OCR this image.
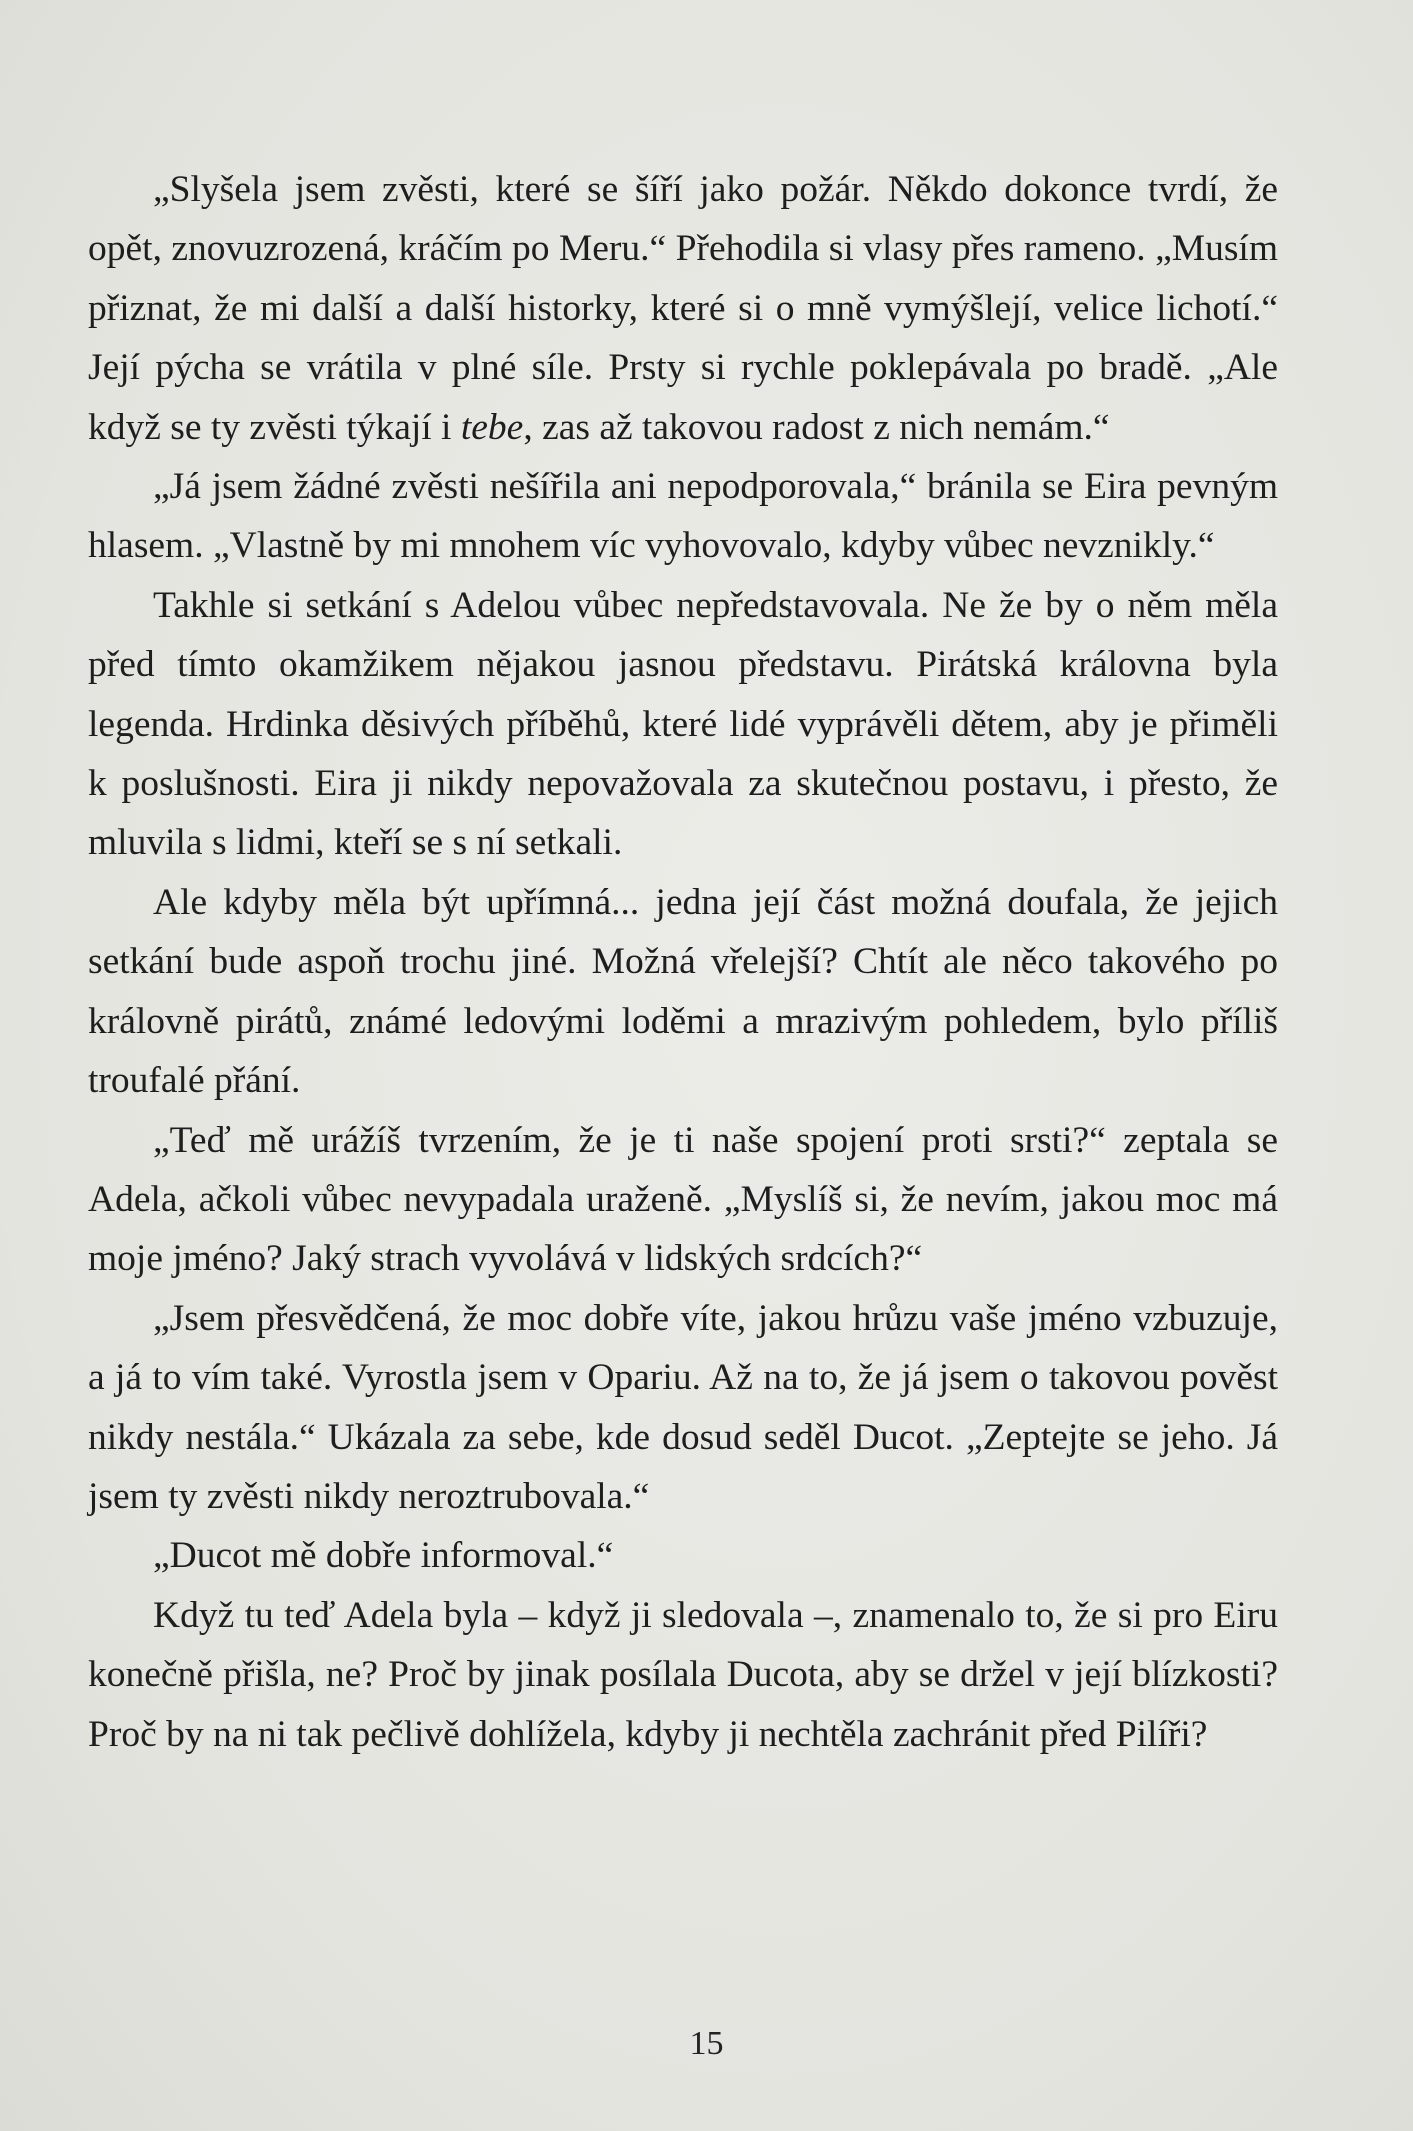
„Slyšela jsem zvěsti, které se šíří jako požár. Někdo dokonce tvrdí, že opět, znovuzrozená, kráčím po Meru.“ Přehodila si vlasy přes rameno. „Musím přiznat, že mi další a další historky, které si o mně vymýšlejí, velice lichotí.“ Její pýcha se vrátila v plné síle. Prsty si rychle poklepávala po bradě. „Ale když se ty zvěsti týkají i tebe, zas až takovou radost z nich nemám.“

„Já jsem žádné zvěsti nešířila ani nepodporovala,“ bránila se Eira pevným hlasem. „Vlastně by mi mnohem víc vyhovovalo, kdyby vůbec nevznikly.“

Takhle si setkání s Adelou vůbec nepředstavovala. Ne že by o něm měla před tímto okamžikem nějakou jasnou představu. Pirátská královna byla legenda. Hrdinka děsivých příběhů, které lidé vyprávěli dětem, aby je přiměli k poslušnosti. Eira ji nikdy nepovažovala za skutečnou postavu, i přesto, že mluvila s lidmi, kteří se s ní setkali.

Ale kdyby měla být upřímná... jedna její část možná doufala, že jejich setkání bude aspoň trochu jiné. Možná vřelejší? Chtít ale něco takového po královně pirátů, známé ledovými loděmi a mrazivým pohledem, bylo příliš troufalé přání.

„Teď mě urážíš tvrzením, že je ti naše spojení proti srsti?“ zeptala se Adela, ačkoli vůbec nevypadala uraženě. „Myslíš si, že nevím, jakou moc má moje jméno? Jaký strach vyvolává v lidských srdcích?“

„Jsem přesvědčená, že moc dobře víte, jakou hrůzu vaše jméno vzbuzuje, a já to vím také. Vyrostla jsem v Opariu. Až na to, že já jsem o takovou pověst nikdy nestála.“ Ukázala za sebe, kde dosud seděl Ducot. „Zeptejte se jeho. Já jsem ty zvěsti nikdy neroztrubovala.“

„Ducot mě dobře informoval.“

Když tu teď Adela byla – když ji sledovala –, znamenalo to, že si pro Eiru konečně přišla, ne? Proč by jinak posílala Ducota, aby se držel v její blízkosti? Proč by na ni tak pečlivě dohlížela, kdyby ji nechtěla zachránit před Pilíři?

15
